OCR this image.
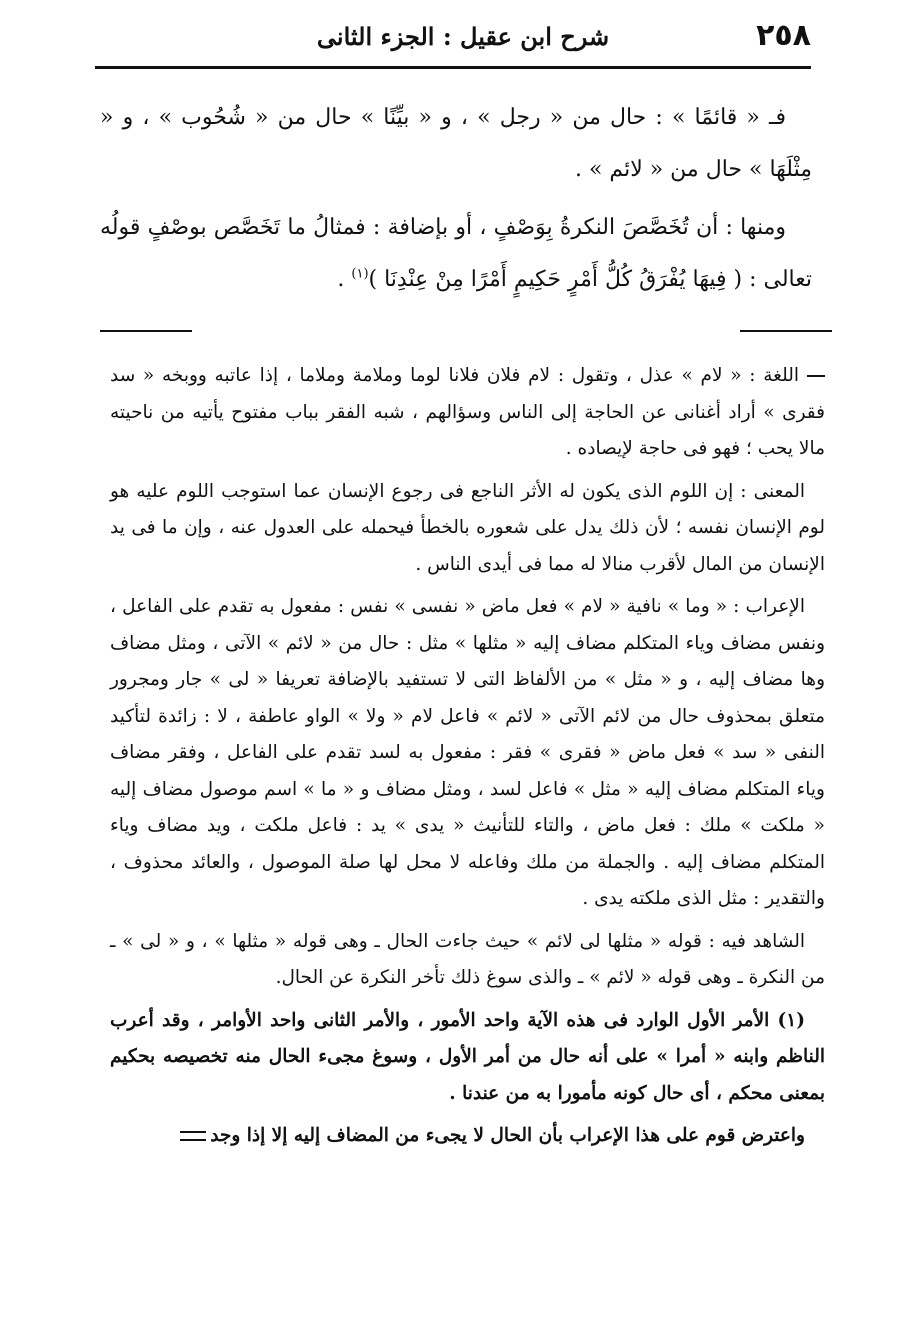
٢٥٨
شرح ابن عقيل : الجزء الثانى

فـ « قائمًا » : حال من « رجل » ، و « بيِّنًا » حال من « شُحُوب » ، و « مِثْلَهَا » حال من « لائم » .

ومنها : أن تُخَصَّصَ النكرةُ بِوَصْفٍ ، أو بإضافة : فمثالُ ما تَخَصَّص بوصْفٍ قولُه تعالى : ( فِيهَا يُفْرَقُ كُلُّ أَمْرٍ حَكِيمٍ أَمْرًا مِنْ عِنْدِنَا )$^{(١)}$ .

اللغة : « لام » عذل ، وتقول : لام فلان فلانا لوما وملامة وملاما ، إذا عاتبه ووبخه « سد فقرى » أراد أغنانى عن الحاجة إلى الناس وسؤالهم ، شبه الفقر بباب مفتوح يأتيه من ناحيته مالا يحب ؛ فهو فى حاجة لإيصاده .

المعنى : إن اللوم الذى يكون له الأثر الناجع فى رجوع الإنسان عما استوجب اللوم عليه هو لوم الإنسان نفسه ؛ لأن ذلك يدل على شعوره بالخطأ فيحمله على العدول عنه ، وإن ما فى يد الإنسان من المال لأقرب منالا له مما فى أيدى الناس .

الإعراب : « وما » نافية « لام » فعل ماض « نفسى » نفس : مفعول به تقدم على الفاعل ، ونفس مضاف وياء المتكلم مضاف إليه « مثلها » مثل : حال من « لائم » الآتى ، ومثل مضاف وها مضاف إليه ، و « مثل » من الألفاظ التى لا تستفيد بالإضافة تعريفا « لى » جار ومجرور متعلق بمحذوف حال من لائم الآتى « لائم » فاعل لام « ولا » الواو عاطفة ، لا : زائدة لتأكيد النفى « سد » فعل ماض « فقرى » فقر : مفعول به لسد تقدم على الفاعل ، وفقر مضاف وياء المتكلم مضاف إليه « مثل » فاعل لسد ، ومثل مضاف و « ما » اسم موصول مضاف إليه « ملكت » ملك : فعل ماض ، والتاء للتأنيث « يدى » يد : فاعل ملكت ، ويد مضاف وياء المتكلم مضاف إليه . والجملة من ملك وفاعله لا محل لها صلة الموصول ، والعائد محذوف ، والتقدير : مثل الذى ملكته يدى .

الشاهد فيه : قوله « مثلها لى لائم » حيث جاءت الحال ـ وهى قوله « مثلها » ، و « لى » ـ من النكرة ـ وهى قوله « لائم » ـ والذى سوغ ذلك تأخر النكرة عن الحال.

(١) الأمر الأول الوارد فى هذه الآية واحد الأمور ، والأمر الثانى واحد الأوامر ، وقد أعرب الناظم وابنه « أمرا » على أنه حال من أمر الأول ، وسوغ مجىء الحال منه تخصيصه بحكيم بمعنى محكم ، أى حال كونه مأمورا به من عندنا .

واعترض قوم على هذا الإعراب بأن الحال لا يجىء من المضاف إليه إلا إذا وجد
